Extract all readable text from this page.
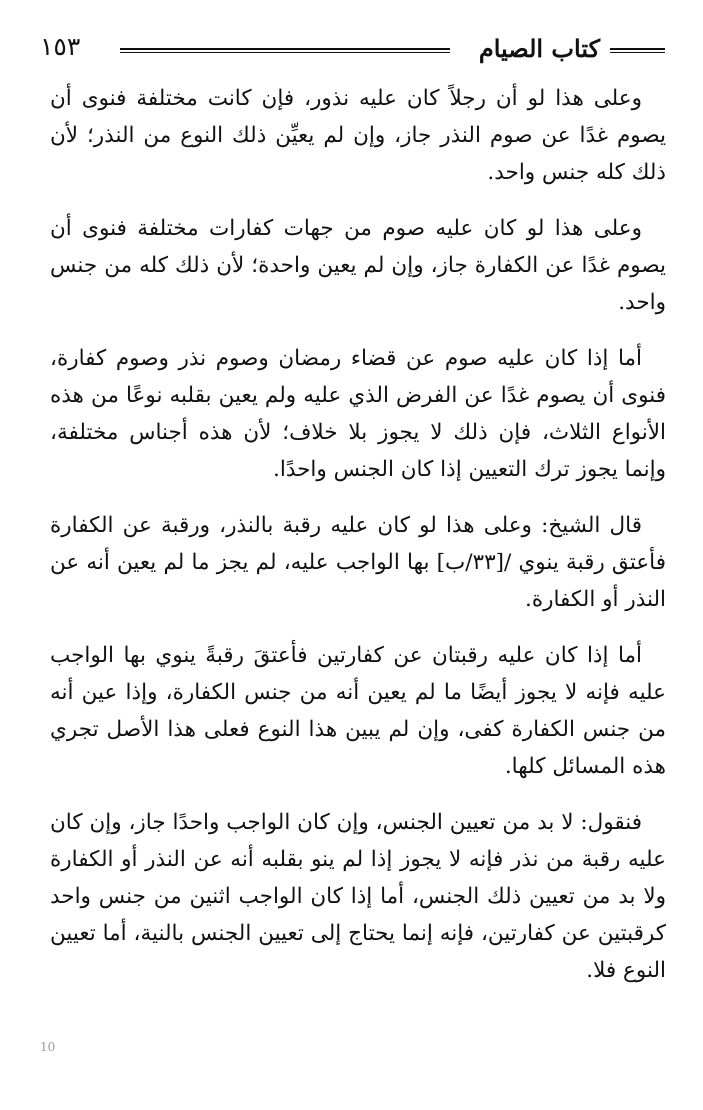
كتاب الصيام
١٥٣

وعلى هذا لو أن رجلاً كان عليه نذور، فإن كانت مختلفة فنوى أن يصوم غدًا عن صوم النذر جاز، وإن لم يعيِّن ذلك النوع من النذر؛ لأن ذلك كله جنس واحد.

وعلى هذا لو كان عليه صوم من جهات كفارات مختلفة فنوى أن يصوم غدًا عن الكفارة جاز، وإن لم يعين واحدة؛ لأن ذلك كله من جنس واحد.

أما إذا كان عليه صوم عن قضاء رمضان وصوم نذر وصوم كفارة، فنوى أن يصوم غدًا عن الفرض الذي عليه ولم يعين بقلبه نوعًا من هذه الأنواع الثلاث، فإن ذلك لا يجوز بلا خلاف؛ لأن هذه أجناس مختلفة، وإنما يجوز ترك التعيين إذا كان الجنس واحدًا.

قال الشيخ: وعلى هذا لو كان عليه رقبة بالنذر، ورقبة عن الكفارة فأعتق رقبة ينوي /[٣٣/ب] بها الواجب عليه، لم يجز ما لم يعين أنه عن النذر أو الكفارة.

أما إذا كان عليه رقبتان عن كفارتين فأعتقَ رقبةً ينوي بها الواجب عليه فإنه لا يجوز أيضًا ما لم يعين أنه من جنس الكفارة، وإذا عين أنه من جنس الكفارة كفى، وإن لم يبين هذا النوع فعلى هذا الأصل تجري هذه المسائل كلها.

فنقول: لا بد من تعيين الجنس، وإن كان الواجب واحدًا جاز، وإن كان عليه رقبة من نذر فإنه لا يجوز إذا لم ينو بقلبه أنه عن النذر أو الكفارة ولا بد من تعيين ذلك الجنس، أما إذا كان الواجب اثنين من جنس واحد كرقبتين عن كفارتين، فإنه إنما يحتاج إلى تعيين الجنس بالنية، أما تعيين النوع فلا.

10
